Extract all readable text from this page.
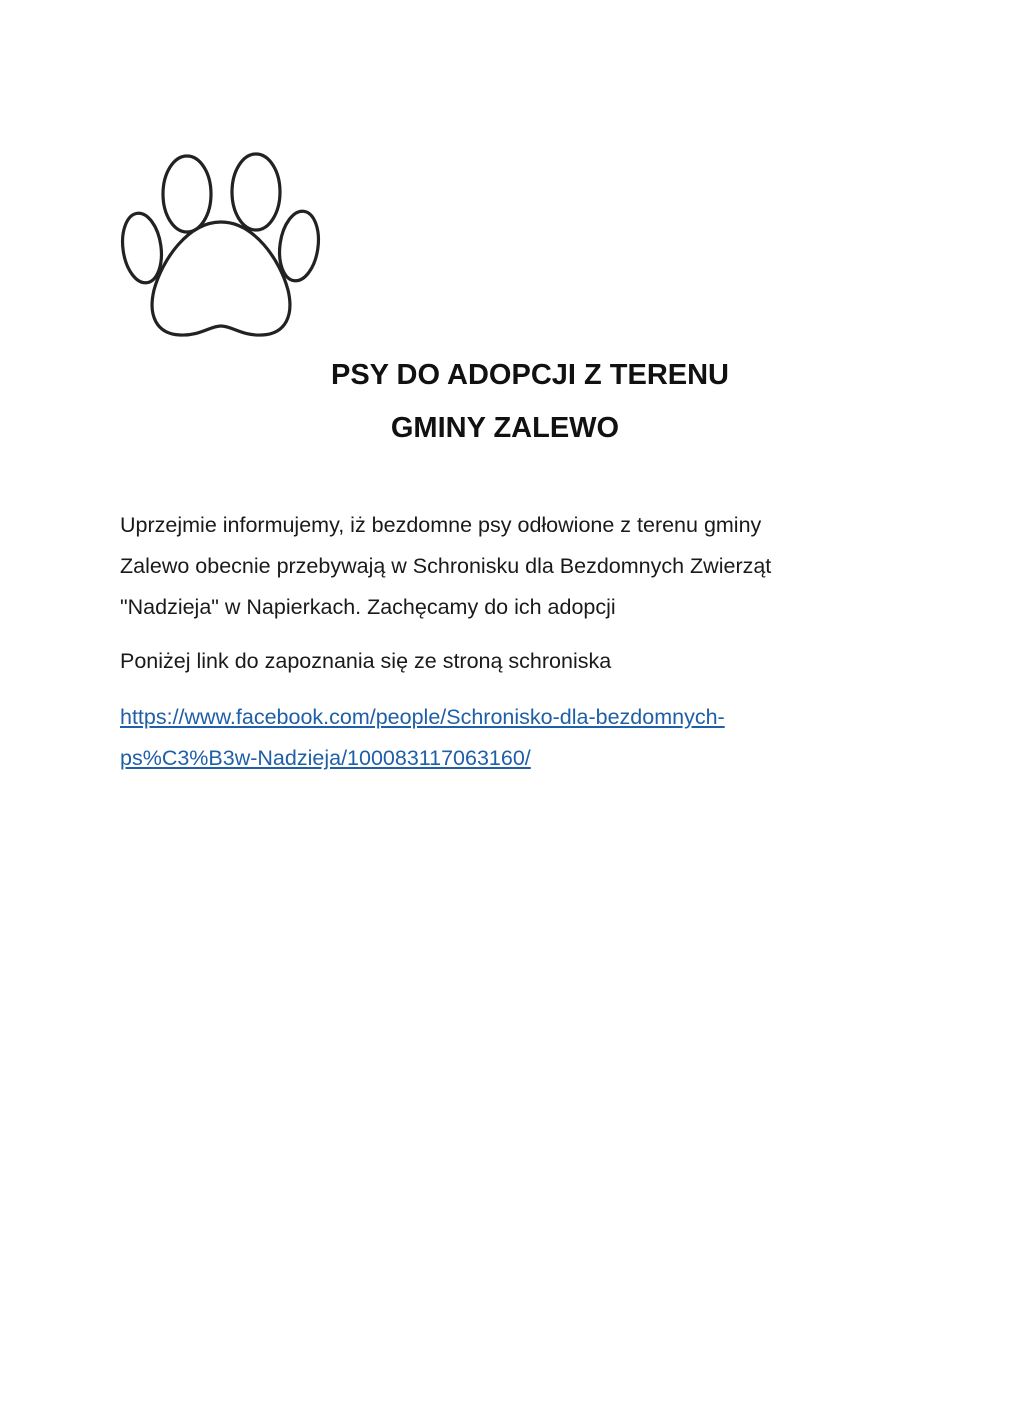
PSY DO ADOPCJI Z TERENU
GMINY ZALEWO

Uprzejmie informujemy, iż bezdomne psy odłowione z terenu gminy
Zalewo obecnie przebywają w Schronisku dla Bezdomnych Zwierząt
"Nadzieja" w Napierkach. Zachęcamy do ich adopcji

Poniżej link do zapoznania się ze stroną schroniska

https://www.facebook.com/people/Schronisko-dla-bezdomnych-
ps%C3%B3w-Nadzieja/100083117063160/
